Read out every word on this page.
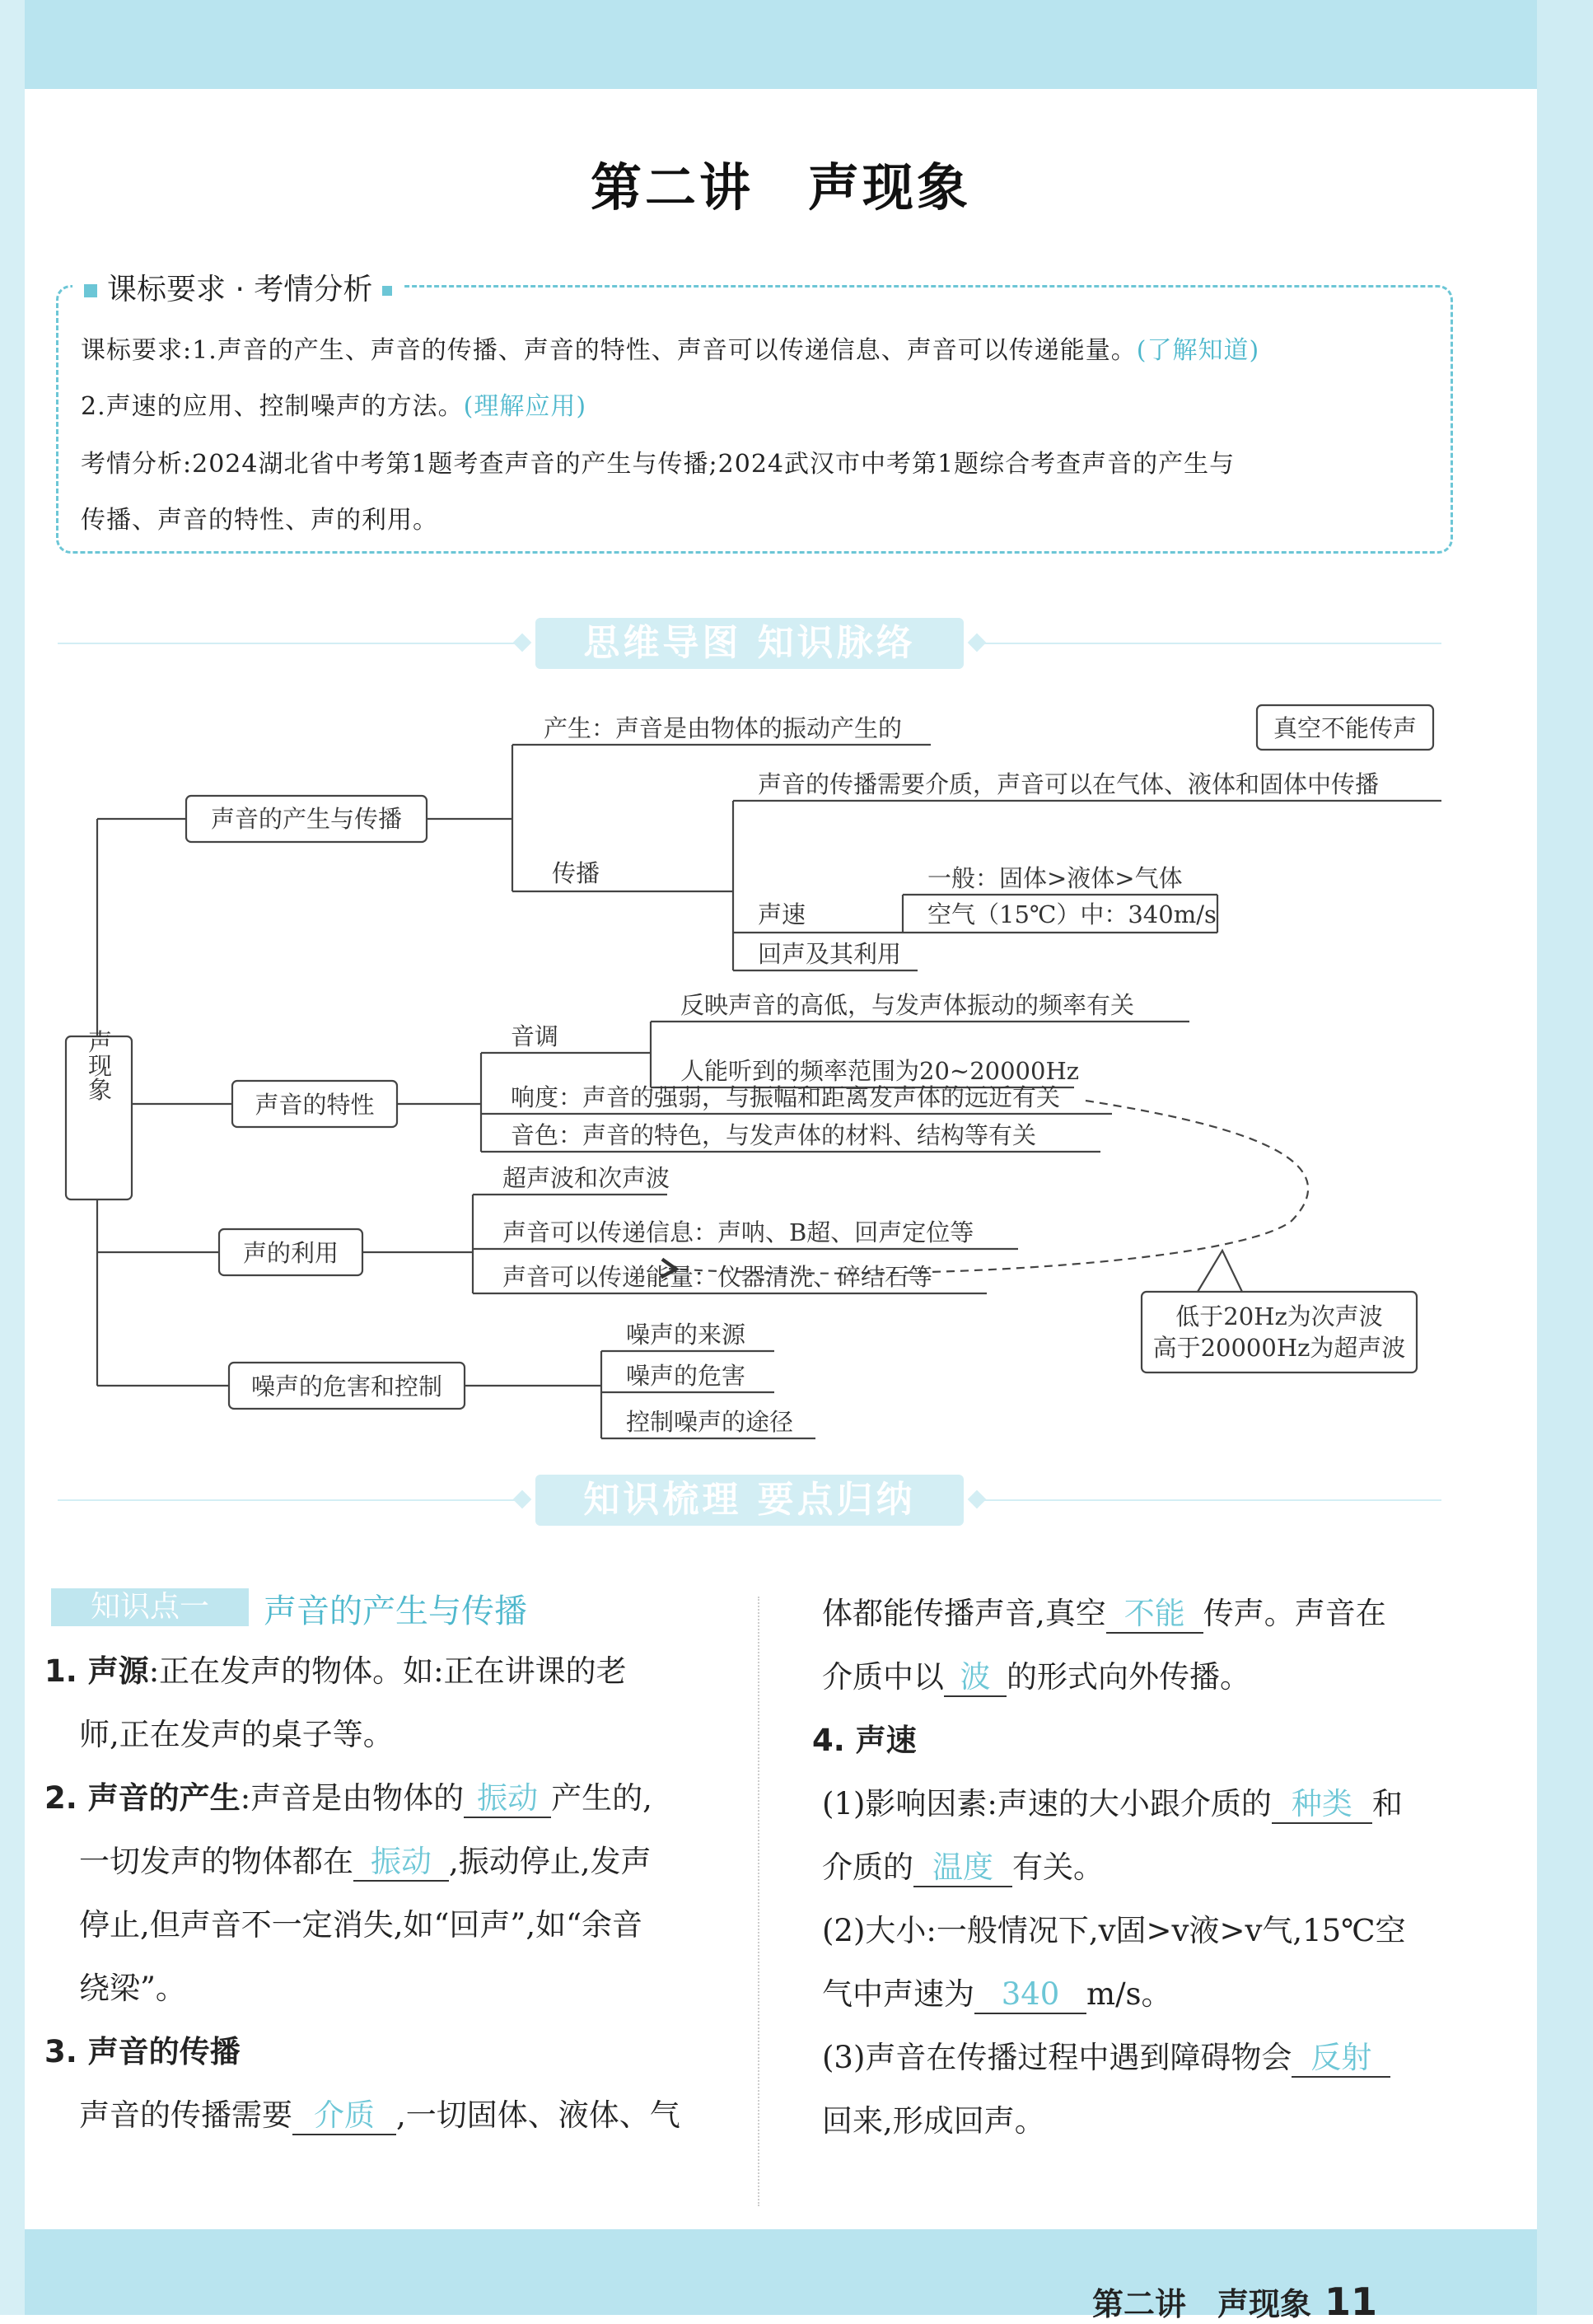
第二讲　声现象
课标要求 · 考情分析
课标要求:1.声音的产生、声音的传播、声音的特性、声音可以传递信息、声音可以传递能量。(了解知道)
2.声速的应用、控制噪声的方法。(理解应用)
考情分析:2024湖北省中考第1题考查声音的产生与传播;2024武汉市中考第1题综合考查声音的产生与
传播、声音的特性、声的利用。
思维导图 知识脉络
声现象
声音的产生与传播
声音的特性
声的利用
噪声的危害和控制
产生：声音是由物体的振动产生的	真空不能传声
传播
声音的传播需要介质，声音可以在气体、液体和固体中传播
声速
一般：固体>液体>气体
空气（15℃）中：340m/s
回声及其利用
音调
反映声音的高低，与发声体振动的频率有关
人能听到的频率范围为20~20000Hz
响度：声音的强弱，与振幅和距离发声体的远近有关
音色：声音的特色，与发声体的材料、结构等有关
超声波和次声波
声音可以传递信息：声呐、B超、回声定位等
声音可以传递能量：仪器清洗、碎结石等
低于20Hz为次声波
高于20000Hz为超声波
噪声的来源
噪声的危害
控制噪声的途径
知识梳理 要点归纳
知识点一	声音的产生与传播
1. 声源:正在发声的物体。如:正在讲课的老
师,正在发声的桌子等。
2. 声音的产生:声音是由物体的 振动 产生的,
一切发声的物体都在 振动 ,振动停止,发声
停止,但声音不一定消失,如“回声”,如“余音
绕梁”。
3. 声音的传播
声音的传播需要 介质 ,一切固体、液体、气
体都能传播声音,真空 不能 传声。声音在
介质中以 波 的形式向外传播。
4. 声速
(1)影响因素:声速的大小跟介质的 种类 和
介质的 温度 有关。
(2)大小:一般情况下,v固>v液>v气,15℃空
气中声速为 340 m/s。
(3)声音在传播过程中遇到障碍物会 反射
回来,形成回声。
第二讲　声现象 11
